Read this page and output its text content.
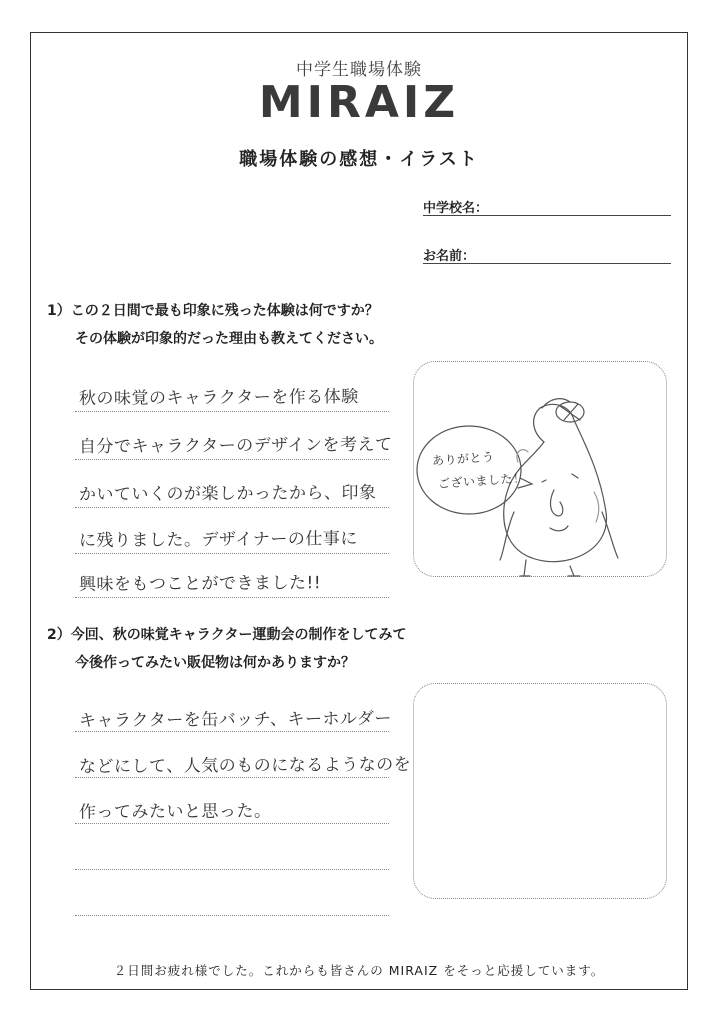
中学生職場体験
MIRAIZ
職場体験の感想・イラスト
中学校名：
お名前：
1）この２日間で最も印象に残った体験は何ですか？
その体験が印象的だった理由も教えてください。
秋の味覚のキャラクターを作る体験
自分でキャラクターのデザインを考えて
かいていくのが楽しかったから、印象
に残りました。デザイナーの仕事に
興味をもつことができました!!
ありがとう
ございました！
2）今回、秋の味覚キャラクター運動会の制作をしてみて
今後作ってみたい販促物は何かありますか？
キャラクターを缶バッチ、キーホルダー
などにして、人気のものになるようなのを
作ってみたいと思った。
２日間お疲れ様でした。これからも皆さんの MIRAIZ をそっと応援しています。
